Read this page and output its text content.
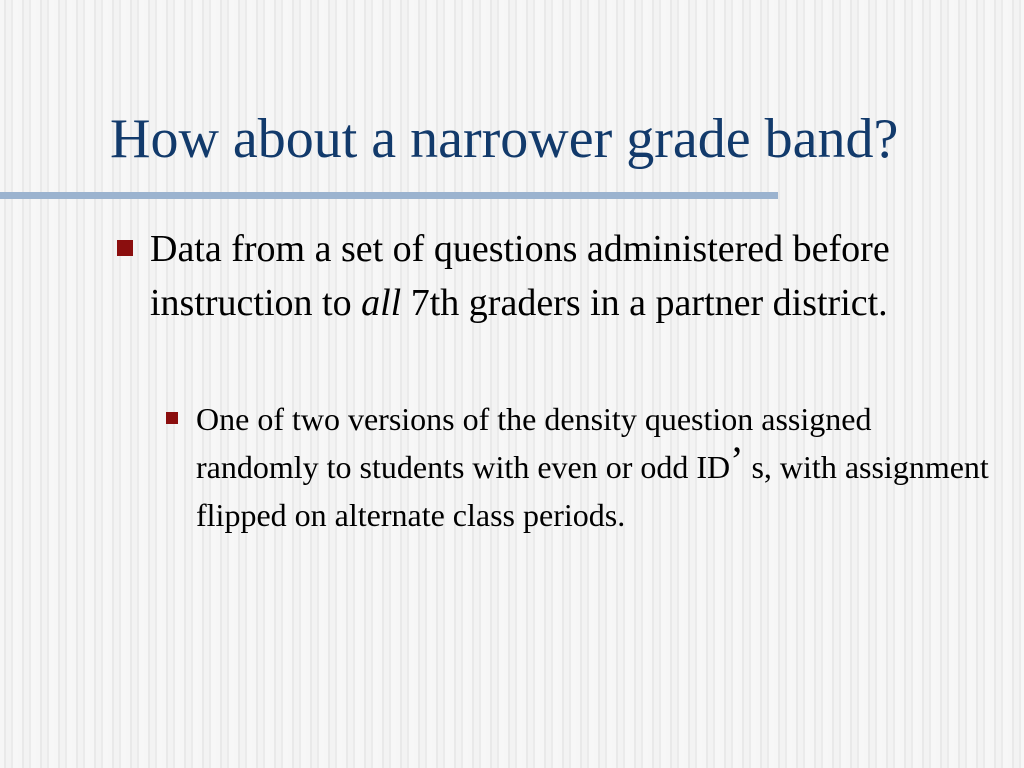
How about a narrower grade band?
Data from a set of questions administered before instruction to all 7th graders in a partner district.
One of two versions of the density question assigned randomly to students with even or odd ID’ s, with assignment flipped on alternate class periods.
